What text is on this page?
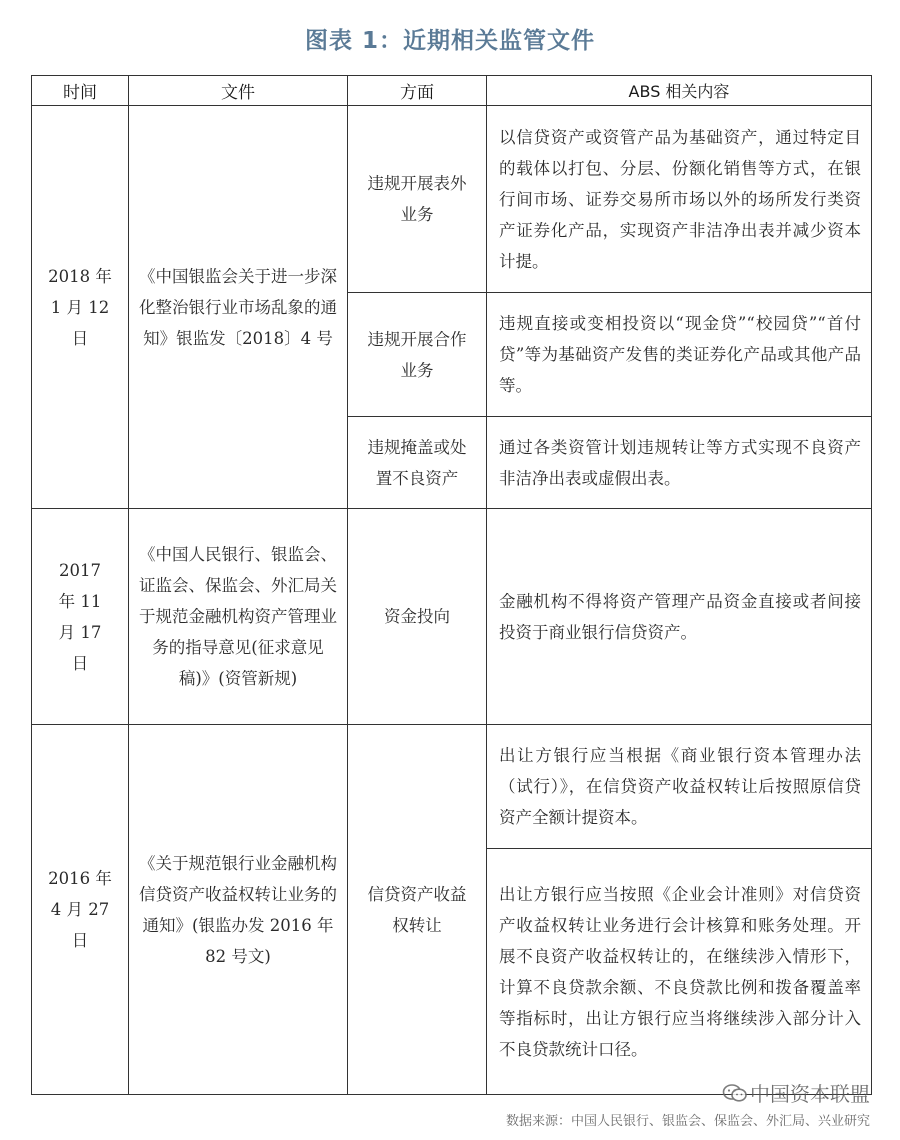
图表 1：近期相关监管文件
时间	文件	方面	ABS 相关内容

2018 年 1 月 12 日	《中国银监会关于进一步深化整治银行业市场乱象的通知》银监发〔2018〕4 号	违规开展表外业务	以信贷资产或资管产品为基础资产，通过特定目的载体以打包、分层、份额化销售等方式，在银行间市场、证券交易所市场以外的场所发行类资产证券化产品，实现资产非洁净出表并减少资本计提。

		违规开展合作业务	违规直接或变相投资以“现金贷”“校园贷”“首付贷”等为基础资产发售的类证券化产品或其他产品等。

		违规掩盖或处置不良资产	通过各类资管计划违规转让等方式实现不良资产非洁净出表或虚假出表。

2017 年 11 月 17 日	《中国人民银行、银监会、证监会、保监会、外汇局关于规范金融机构资产管理业务的指导意见(征求意见稿)》(资管新规)	资金投向	金融机构不得将资产管理产品资金直接或者间接投资于商业银行信贷资产。

2016 年 4 月 27 日	《关于规范银行业金融机构信贷资产收益权转让业务的通知》(银监办发 2016 年 82 号文)	信贷资产收益权转让	出让方银行应当根据《商业银行资本管理办法（试行）》，在信贷资产收益权转让后按照原信贷资产全额计提资本。

			出让方银行应当按照《企业会计准则》对信贷资产收益权转让业务进行会计核算和账务处理。开展不良资产收益权转让的，在继续涉入情形下，计算不良贷款余额、不良贷款比例和拨备覆盖率等指标时，出让方银行应当将继续涉入部分计入不良贷款统计口径。
中国资本联盟
数据来源：中国人民银行、银监会、保监会、外汇局、兴业研究
